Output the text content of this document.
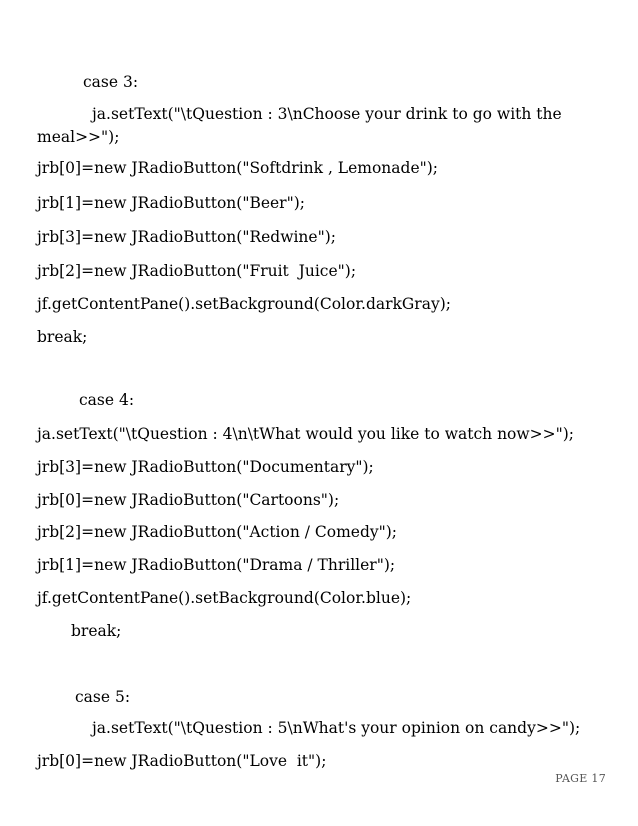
case 3:
ja.setText("\tQuestion : 3\nChoose your drink to go with the
meal>>");
jrb[0]=new JRadioButton("Softdrink , Lemonade");
jrb[1]=new JRadioButton("Beer");
jrb[3]=new JRadioButton("Redwine");
jrb[2]=new JRadioButton("Fruit  Juice");
jf.getContentPane().setBackground(Color.darkGray);
break;
case 4:
ja.setText("\tQuestion : 4\n\tWhat would you like to watch now>>");
jrb[3]=new JRadioButton("Documentary");
jrb[0]=new JRadioButton("Cartoons");
jrb[2]=new JRadioButton("Action / Comedy");
jrb[1]=new JRadioButton("Drama / Thriller");
jf.getContentPane().setBackground(Color.blue);
break;
case 5:
ja.setText("\tQuestion : 5\nWhat's your opinion on candy>>");
jrb[0]=new JRadioButton("Love  it");
PAGE 17
